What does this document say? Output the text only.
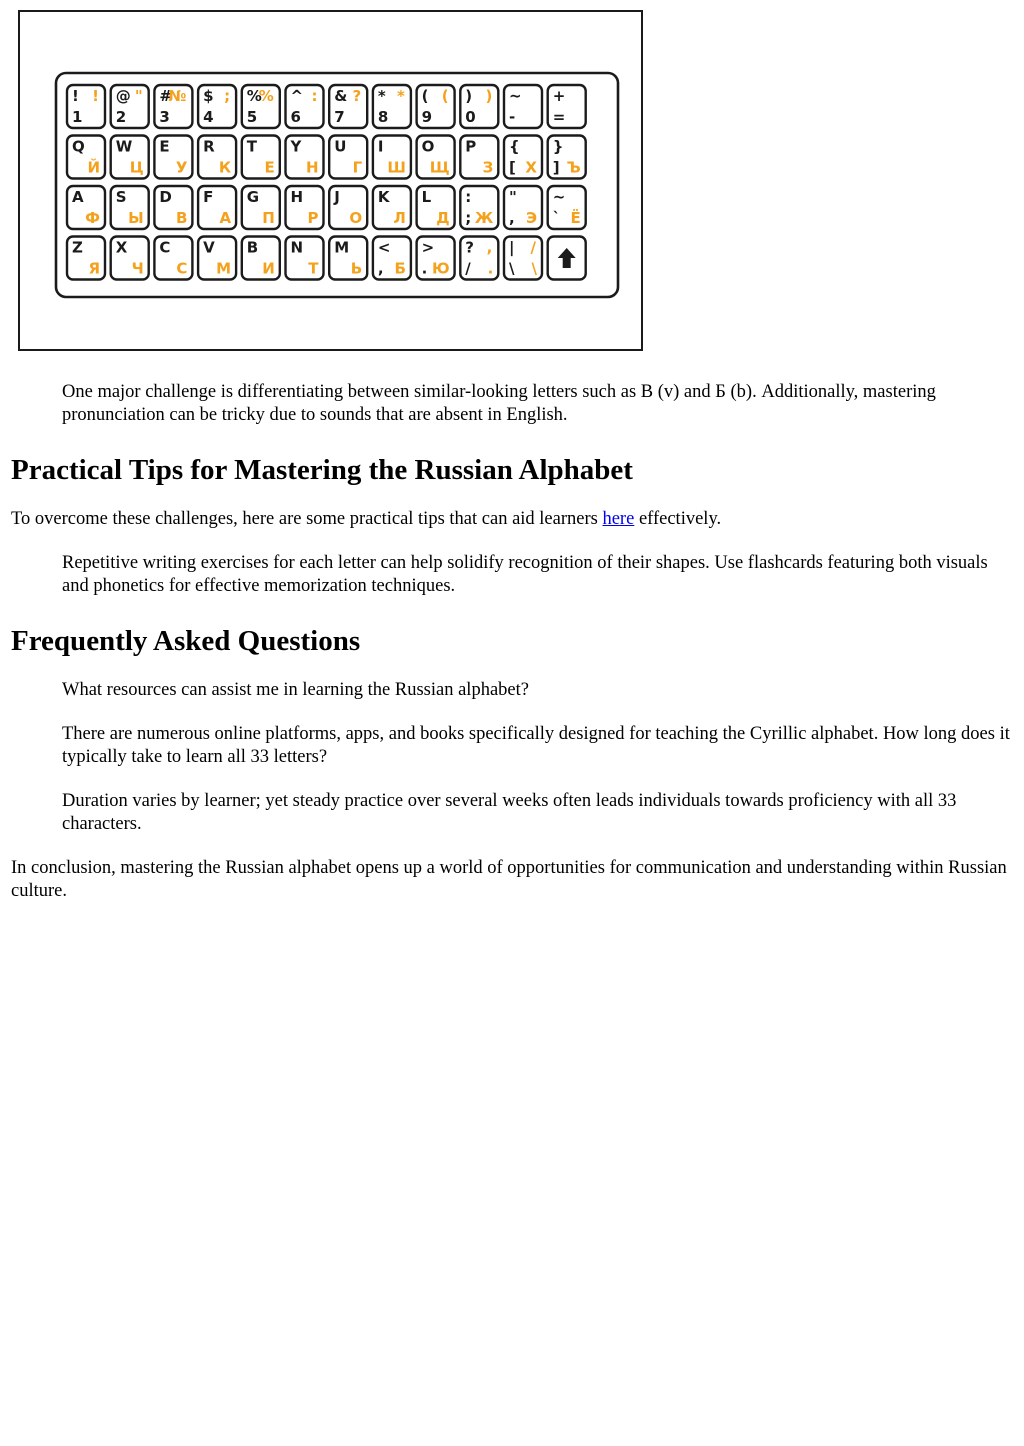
!
1
! @
2
" #
3
№ $
4
; %
5
% ^
6
: &
7
? *
8
* (
9
( )
0
) ~
-
+
=
Q
Й
W
Ц
E
У
R
К
T
Е
Y
Н
U
Г
I
Ш
O
Щ
P
З
{
[ Х
}
] Ъ
A
Ф
S
Ы
D
В
F
А
G
П
H
Р
J
О
K
Л
L
Д
:
; Ж
"
, Э
~
` Ё
Z
Я
X
Ч
C
С
V
М
B
И
N
Т
M
Ь
<
, Б
>
. Ю
?
/
,
.
|
\
/
\

One major challenge is differentiating between similar-looking letters such as В (v) and Б (b). Additionally, mastering pronunciation can be tricky due to sounds that are absent in English.

Practical Tips for Mastering the Russian Alphabet

To overcome these challenges, here are some practical tips that can aid learners here effectively.

Repetitive writing exercises for each letter can help solidify recognition of their shapes. Use flashcards featuring both visuals and phonetics for effective memorization techniques.

Frequently Asked Questions

What resources can assist me in learning the Russian alphabet?

There are numerous online platforms, apps, and books specifically designed for teaching the Cyrillic alphabet. How long does it typically take to learn all 33 letters?

Duration varies by learner; yet steady practice over several weeks often leads individuals towards proficiency with all 33 characters.

In conclusion, mastering the Russian alphabet opens up a world of opportunities for communication and understanding within Russian culture.
